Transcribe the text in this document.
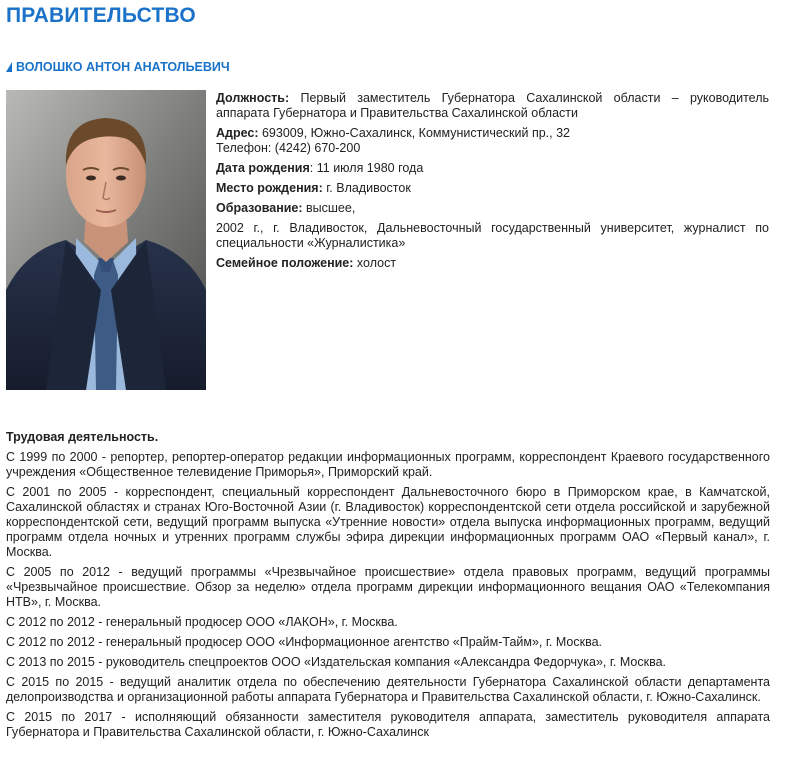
ПРАВИТЕЛЬСТВО
ВОЛОШКО АНТОН АНАТОЛЬЕВИЧ

Должность: Первый заместитель Губернатора Сахалинской области – руководитель аппарата Губернатора и Правительства Сахалинской области

Адрес: 693009, Южно-Сахалинск, Коммунистический пр., 32
Телефон: (4242) 670-200

Дата рождения: 11 июля 1980 года

Место рождения: г. Владивосток

Образование: высшее,

2002 г., г. Владивосток, Дальневосточный государственный университет, журналист по специальности «Журналистика»

Семейное положение: холост

Трудовая деятельность.

С 1999 по 2000 - репортер, репортер-оператор редакции информационных программ, корреспондент Краевого государственного учреждения «Общественное телевидение Приморья», Приморский край.

С 2001 по 2005 - корреспондент, специальный корреспондент Дальневосточного бюро в Приморском крае, в Камчатской, Сахалинской областях и странах Юго-Восточной Азии (г. Владивосток) корреспондентской сети отдела российской и зарубежной корреспондентской сети, ведущий программ выпуска «Утренние новости» отдела выпуска информационных программ, ведущий программ отдела ночных и утренних программ службы эфира дирекции информационных программ ОАО «Первый канал», г. Москва.

С 2005 по 2012 - ведущий программы «Чрезвычайное происшествие» отдела правовых программ, ведущий программы «Чрезвычайное происшествие. Обзор за неделю» отдела программ дирекции информационного вещания ОАО «Телекомпания НТВ», г. Москва.

С 2012 по 2012 - генеральный продюсер ООО «ЛАКОН», г. Москва.

С 2012 по 2012 - генеральный продюсер ООО «Информационное агентство «Прайм-Тайм», г. Москва.

С 2013 по 2015 - руководитель спецпроектов ООО «Издательская компания «Александра Федорчука», г. Москва.

С 2015 по 2015 - ведущий аналитик отдела по обеспечению деятельности Губернатора Сахалинской области департамента делопроизводства и организационной работы аппарата Губернатора и Правительства Сахалинской области, г. Южно-Сахалинск.

С 2015 по 2017 - исполняющий обязанности заместителя руководителя аппарата, заместитель руководителя аппарата Губернатора и Правительства Сахалинской области, г. Южно-Сахалинск
